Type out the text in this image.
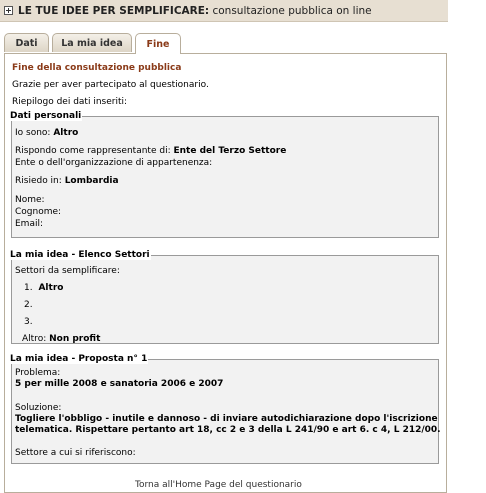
LE TUE IDEE PER SEMPLIFICARE: consultazione pubblica on line
Dati	La mia idea	Fine
Fine della consultazione pubblica
Grazie per aver partecipato al questionario.
Riepilogo dei dati inseriti:
Dati personali
Io sono: Altro
Rispondo come rappresentante di: Ente del Terzo Settore
Ente o dell'organizzazione di appartenenza:
Risiedo in: Lombardia
Nome:
Cognome:
Email:
La mia idea - Elenco Settori
Settori da semplificare:
1. Altro
2.
3.
Altro: Non profit
La mia idea - Proposta n° 1
Problema:
5 per mille 2008 e sanatoria 2006 e 2007
Soluzione:
Togliere l'obbligo - inutile e dannoso - di inviare autodichiarazione dopo l'iscrizione
telematica. Rispettare pertanto art 18, cc 2 e 3 della L 241/90 e art 6. c 4, L 212/00.
Settore a cui si riferiscono:
Torna all'Home Page del questionario
